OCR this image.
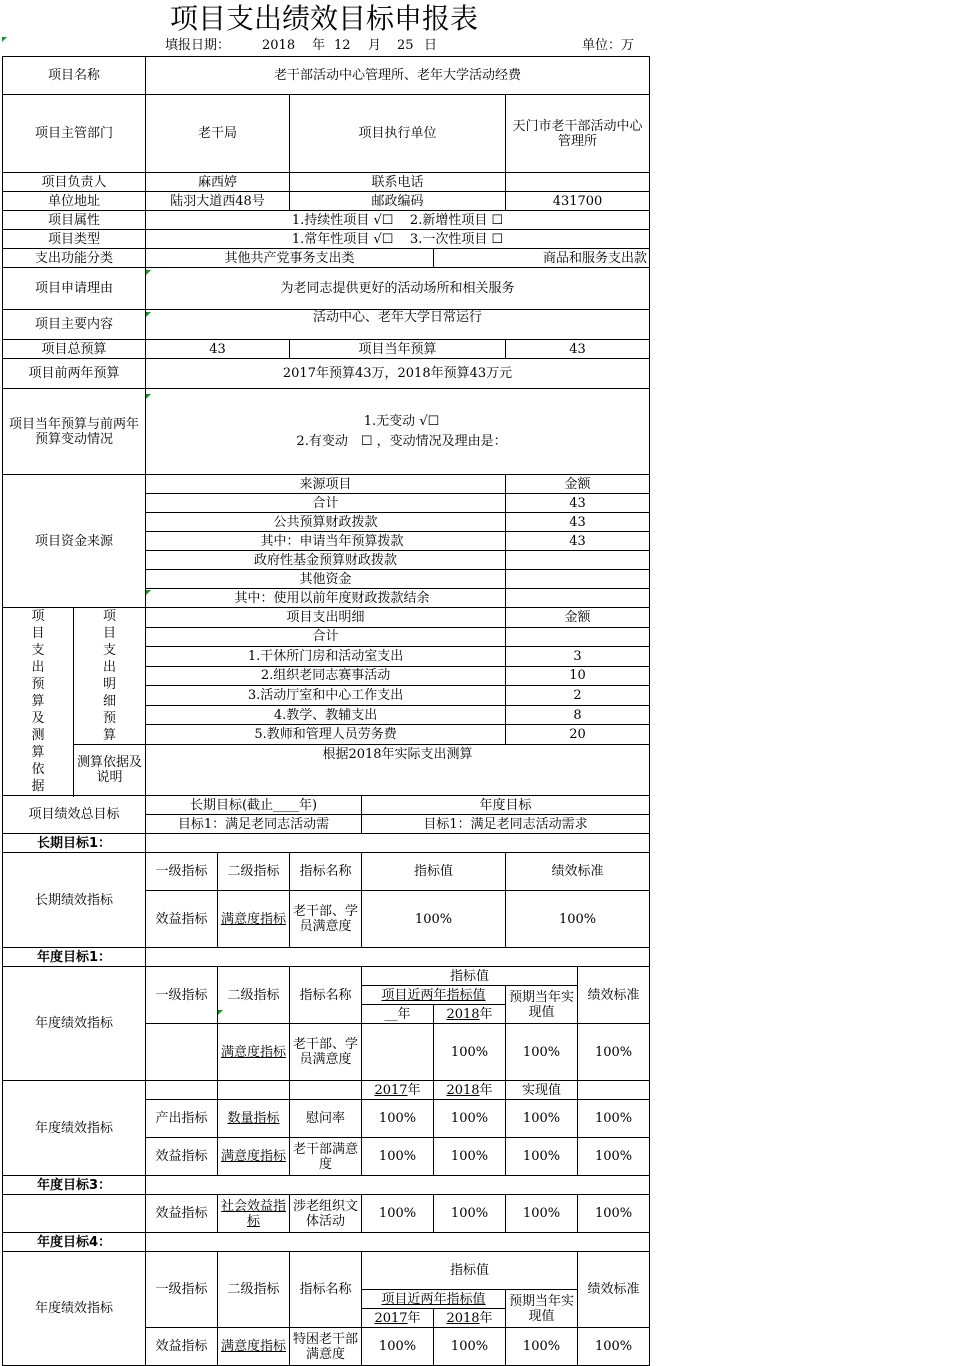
项目支出绩效目标申报表
填报日期： 2018 年 12 月 25 日	单位：万
项目名称		老干部活动中心管理所、老年大学活动经费						
项目主管部门		老干局		项目执行单位			天门市老干部活动中心管理所	
项目负责人		麻西婷		联系电话				
单位地址		陆羽大道西48号		邮政编码			431700	
项目属性		1.持续性项目 √☐ 2.新增性项目 ☐						
项目类型		1.常年性项目 √☐ 3.一次性项目 ☐						
支出功能分类		其他共产党事务支出类				商品和服务支出款		
项目申请理由		为老同志提供更好的活动场所和相关服务						
项目主要内容		活动中心、老年大学日常运行						
项目总预算		43		项目当年预算			43	
项目前两年预算		2017年预算43万，2018年预算43万元						
项目当年预算与前两年预算变动情况		1.无变动 √☐
2.有变动　☐ ，变动情况及理由是：						

项目资金来源		来源项目					金额	
		合计					43	
		公共预算财政拨款					43	
		　其中：申请当年预算拨款					43	
		政府性基金预算财政拨款						
		其他资金						
		　其中：使用以前年度财政拨款结余						
项目支出预算及测算依据	项目支出明细预算	项目支出明细					金额	
		合计						
		1.干休所门房和活动室支出					3	
		2.组织老同志赛事活动					10	
		3.活动厅室和中心工作支出					2	
		4.教学、教辅支出					8	
		5.教师和管理人员劳务费					20	
	测算依据及说明	根据2018年实际支出测算						

项目绩效总目标		长期目标(截止____年)			年度目标			
		目标1：满足老同志活动需			目标1：满足老同志活动需求			
长期目标1：								
长期绩效指标		一级指标	二级指标	指标名称	指标值		绩效标准	
		效益指标	满意度指标	老干部、学员满意度	100%		100%	
年度目标1：								
年度绩效指标		一级指标	二级指标	指标名称	指标值			绩效标准
					项目近两年指标值		预期当年实现值	
					__年	2018年		
			满意度指标	老干部、学员满意度		100%	100%	100%
年度绩效指标					2017年	2018年	实现值	
		产出指标	数量指标	慰问率	100%	100%	100%	100%
		效益指标	满意度指标	老干部满意度	100%	100%	100%	100%
年度目标3：								
		效益指标	社会效益指标	涉老组织文体活动	100%	100%	100%	100%
年度目标4：								
年度绩效指标		一级指标	二级指标	指标名称	指标值			绩效标准
					项目近两年指标值		预期当年实现值	
					2017年	2018年		
		效益指标	满意度指标	特困老干部满意度	100%	100%	100%	100%
